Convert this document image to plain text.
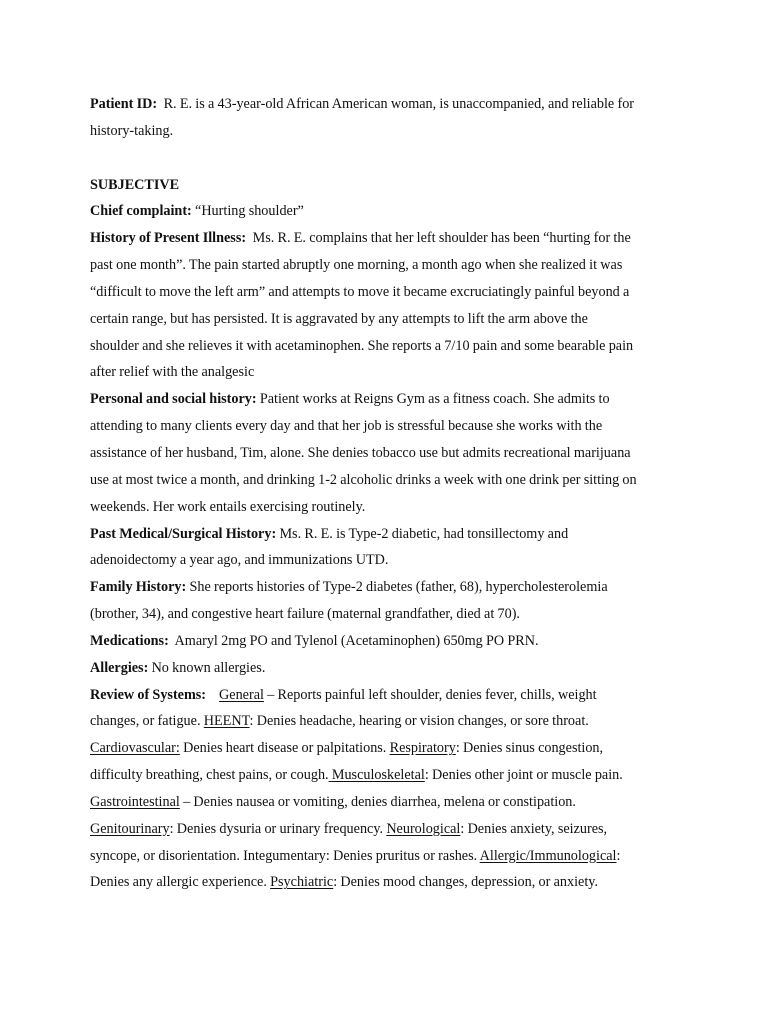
Patient ID: R. E. is a 43-year-old African American woman, is unaccompanied, and reliable for
history-taking.
SUBJECTIVE
Chief complaint: “Hurting shoulder”
History of Present Illness: Ms. R. E. complains that her left shoulder has been “hurting for the
past one month”. The pain started abruptly one morning, a month ago when she realized it was
“difficult to move the left arm” and attempts to move it became excruciatingly painful beyond a
certain range, but has persisted. It is aggravated by any attempts to lift the arm above the
shoulder and she relieves it with acetaminophen. She reports a 7/10 pain and some bearable pain
after relief with the analgesic
Personal and social history: Patient works at Reigns Gym as a fitness coach. She admits to
attending to many clients every day and that her job is stressful because she works with the
assistance of her husband, Tim, alone. She denies tobacco use but admits recreational marijuana
use at most twice a month, and drinking 1-2 alcoholic drinks a week with one drink per sitting on
weekends. Her work entails exercising routinely.
Past Medical/Surgical History: Ms. R. E. is Type-2 diabetic, had tonsillectomy and
adenoidectomy a year ago, and immunizations UTD.
Family History: She reports histories of Type-2 diabetes (father, 68), hypercholesterolemia
(brother, 34), and congestive heart failure (maternal grandfather, died at 70).
Medications: Amaryl 2mg PO and Tylenol (Acetaminophen) 650mg PO PRN.
Allergies: No known allergies.
Review of Systems: General – Reports painful left shoulder, denies fever, chills, weight
changes, or fatigue. HEENT: Denies headache, hearing or vision changes, or sore throat.
Cardiovascular: Denies heart disease or palpitations. Respiratory: Denies sinus congestion,
difficulty breathing, chest pains, or cough. Musculoskeletal: Denies other joint or muscle pain.
Gastrointestinal – Denies nausea or vomiting, denies diarrhea, melena or constipation.
Genitourinary: Denies dysuria or urinary frequency. Neurological: Denies anxiety, seizures,
syncope, or disorientation. Integumentary: Denies pruritus or rashes. Allergic/Immunological:
Denies any allergic experience. Psychiatric: Denies mood changes, depression, or anxiety.
